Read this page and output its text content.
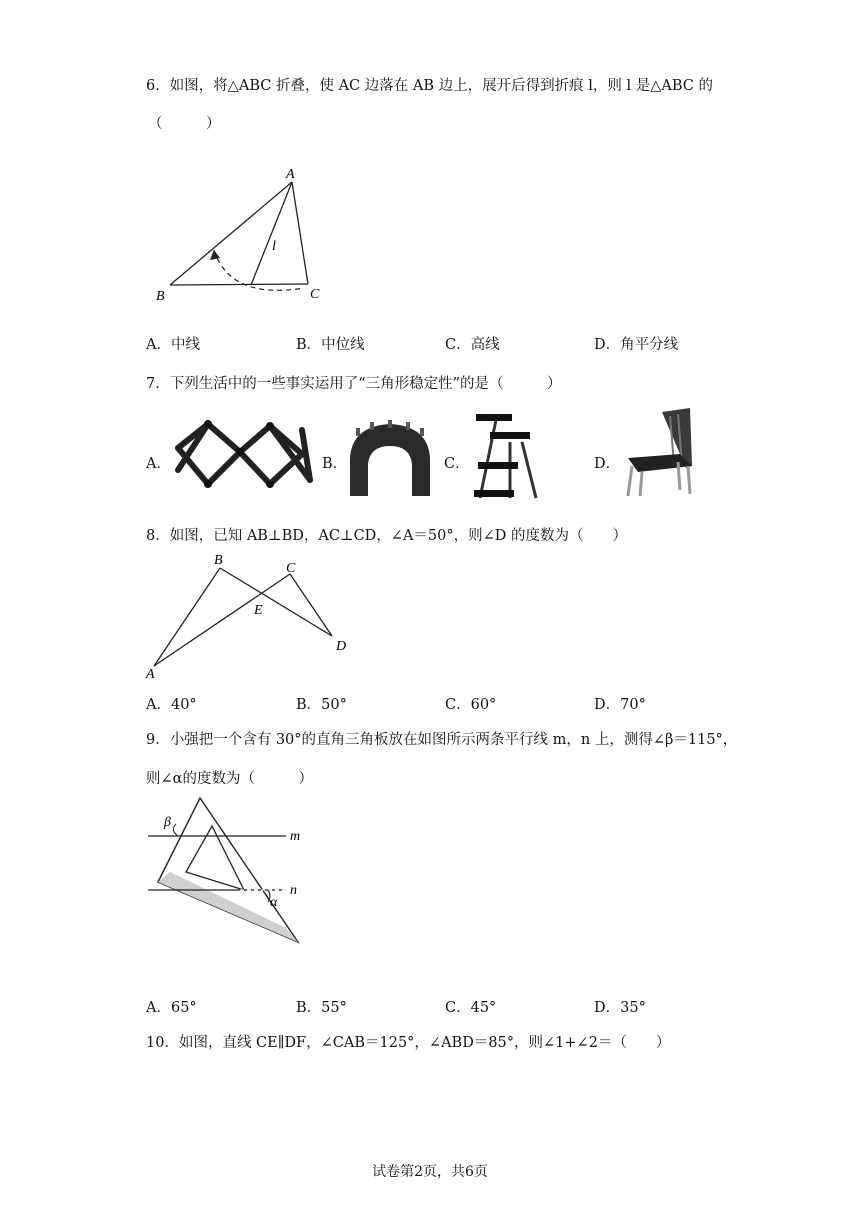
6．如图，将△ABC 折叠，使 AC 边落在 AB 边上，展开后得到折痕 l，则 l 是△ABC 的
（　　　）
A
B	C
l
A．中线	B．中位线	C．高线	D．角平分线
7．下列生活中的一些事实运用了“三角形稳定性”的是（　　　）
A．	B．	C．	D．
8．如图，已知 AB⊥BD，AC⊥CD，∠A＝50°，则∠D 的度数为（　　）
B
C
E
D
A
A．40°	B．50°	C．60°	D．70°
9．小强把一个含有 30°的直角三角板放在如图所示两条平行线 m，n 上，测得∠β＝115°，
则∠α的度数为（　　　）
β
α
m
n
A．65°	B．55°	C．45°	D．35°
10．如图，直线 CE∥DF，∠CAB＝125°，∠ABD＝85°，则∠1+∠2＝（　　）
试卷第2页，共6页
